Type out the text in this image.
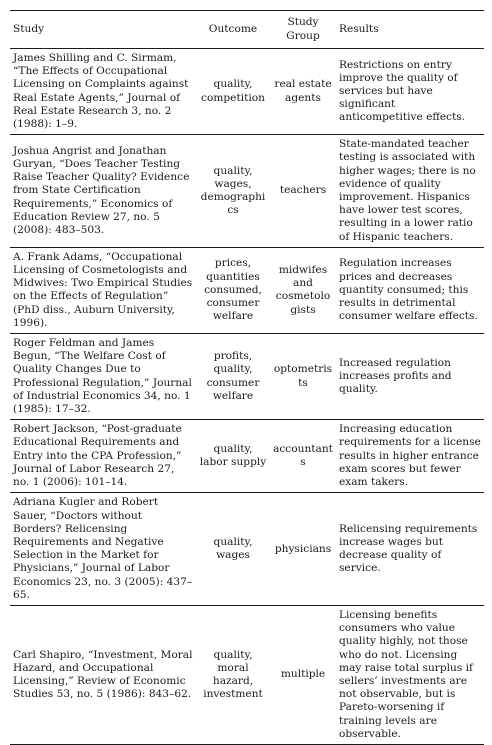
Study	Outcome	Study Group	Results
James Shilling and C. Sirmam, “The Effects of Occupational Licensing on Complaints against Real Estate Agents,” Journal of Real Estate Research 3, no. 2 (1988): 1–9.	quality, competition	real estate agents	Restrictions on entry improve the quality of services but have significant anticompetitive effects.
Joshua Angrist and Jonathan Guryan, “Does Teacher Testing Raise Teacher Quality? Evidence from State Certification Requirements,” Economics of Education Review 27, no. 5 (2008): 483–503.	quality, wages, demographics	teachers	State-mandated teacher testing is associated with higher wages; there is no evidence of quality improvement. Hispanics have lower test scores, resulting in a lower ratio of Hispanic teachers.
A. Frank Adams, “Occupational Licensing of Cosmetologists and Midwives: Two Empirical Studies on the Effects of Regulation” (PhD diss., Auburn University, 1996).	prices, quantities consumed, consumer welfare	midwifes and cosmetologists	Regulation increases prices and decreases quantity consumed; this results in detrimental consumer welfare effects.
Roger Feldman and James Begun, “The Welfare Cost of Quality Changes Due to Professional Regulation,” Journal of Industrial Economics 34, no. 1 (1985): 17–32.	profits, quality, consumer welfare	optometrists	Increased regulation increases profits and quality.
Robert Jackson, “Post-graduate Educational Requirements and Entry into the CPA Profession,” Journal of Labor Research 27, no. 1 (2006): 101–14.	quality, labor supply	accountants	Increasing education requirements for a license results in higher entrance exam scores but fewer exam takers.
Adriana Kugler and Robert Sauer, “Doctors without Borders? Relicensing Requirements and Negative Selection in the Market for Physicians,” Journal of Labor Economics 23, no. 3 (2005): 437–65.	quality, wages	physicians	Relicensing requirements increase wages but decrease quality of service.
Carl Shapiro, “Investment, Moral Hazard, and Occupational Licensing,” Review of Economic Studies 53, no. 5 (1986): 843–62.	quality, moral hazard, investment	multiple	Licensing benefits consumers who value quality highly, not those who do not. Licensing may raise total surplus if sellers’ investments are not observable, but is Pareto-worsening if training levels are observable.
